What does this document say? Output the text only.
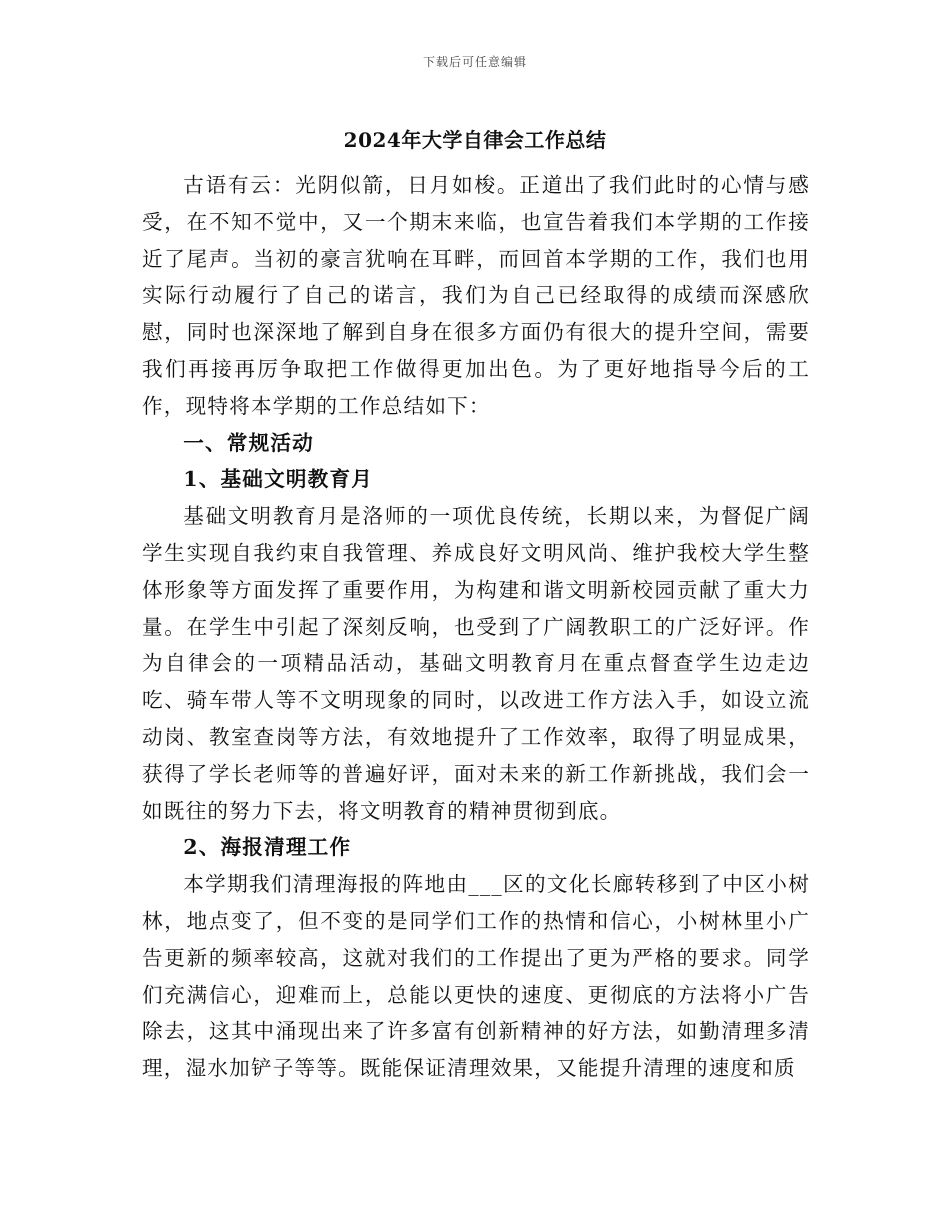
下载后可任意编辑
2024年大学自律会工作总结

古语有云：光阴似箭，日月如梭。正道出了我们此时的心情与感受，在不知不觉中，又一个期末来临，也宣告着我们本学期的工作接近了尾声。当初的豪言犹响在耳畔，而回首本学期的工作，我们也用实际行动履行了自己的诺言，我们为自己已经取得的成绩而深感欣慰，同时也深深地了解到自身在很多方面仍有很大的提升空间，需要我们再接再厉争取把工作做得更加出色。为了更好地指导今后的工作，现特将本学期的工作总结如下：

一、常规活动
1、基础文明教育月

基础文明教育月是洛师的一项优良传统，长期以来，为督促广阔学生实现自我约束自我管理、养成良好文明风尚、维护我校大学生整体形象等方面发挥了重要作用，为构建和谐文明新校园贡献了重大力量。在学生中引起了深刻反响，也受到了广阔教职工的广泛好评。作为自律会的一项精品活动，基础文明教育月在重点督查学生边走边吃、骑车带人等不文明现象的同时，以改进工作方法入手，如设立流动岗、教室查岗等方法，有效地提升了工作效率，取得了明显成果，获得了学长老师等的普遍好评，面对未来的新工作新挑战，我们会一如既往的努力下去，将文明教育的精神贯彻到底。

2、海报清理工作

本学期我们清理海报的阵地由___区的文化长廊转移到了中区小树林，地点变了，但不变的是同学们工作的热情和信心，小树林里小广告更新的频率较高，这就对我们的工作提出了更为严格的要求。同学们充满信心，迎难而上，总能以更快的速度、更彻底的方法将小广告除去，这其中涌现出来了许多富有创新精神的好方法，如勤清理多清理，湿水加铲子等等。既能保证清理效果，又能提升清理的速度和质
